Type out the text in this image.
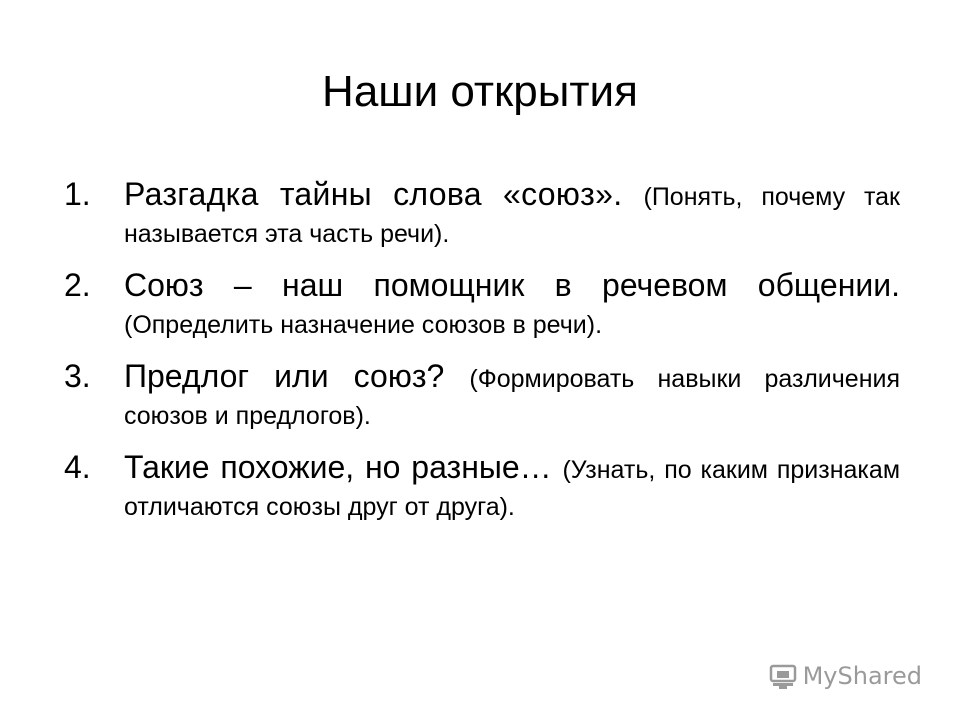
Наши открытия
1. Разгадка тайны слова «союз». (Понять, почему так называется эта часть речи).
2. Союз – наш помощник в речевом общении. (Определить назначение союзов в речи).
3. Предлог или союз? (Формировать навыки различения союзов и предлогов).
4. Такие похожие, но разные… (Узнать, по каким признакам отличаются союзы друг от друга).
MyShared
